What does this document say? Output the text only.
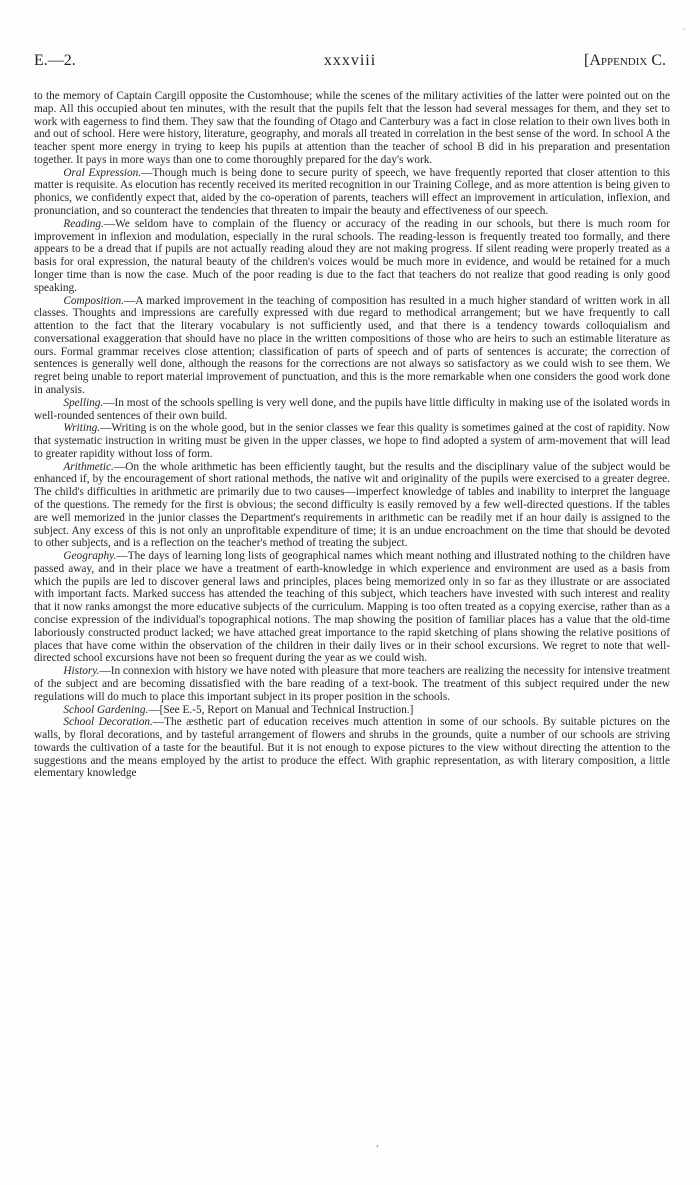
´
E.—2.	xxxviii	[Appendix C.

to the memory of Captain Cargill opposite the Customhouse; while the scenes of the military activities of the latter were pointed out on the map. All this occupied about ten minutes, with the result that the pupils felt that the lesson had several messages for them, and they set to work with eagerness to find them. They saw that the founding of Otago and Canterbury was a fact in close relation to their own lives both in and out of school. Here were history, literature, geography, and morals all treated in correlation in the best sense of the word. In school A the teacher spent more energy in trying to keep his pupils at attention than the teacher of school B did in his preparation and presentation together. It pays in more ways than one to come thoroughly prepared for the day's work.

Oral Expression.—Though much is being done to secure purity of speech, we have frequently reported that closer attention to this matter is requisite. As elocution has recently received its merited recognition in our Training College, and as more attention is being given to phonics, we confidently expect that, aided by the co-operation of parents, teachers will effect an improvement in articulation, inflexion, and pronunciation, and so counteract the tendencies that threaten to impair the beauty and effectiveness of our speech.

Reading.—We seldom have to complain of the fluency or accuracy of the reading in our schools, but there is much room for improvement in inflexion and modulation, especially in the rural schools. The reading-lesson is frequently treated too formally, and there appears to be a dread that if pupils are not actually reading aloud they are not making progress. If silent reading were properly treated as a basis for oral expression, the natural beauty of the children's voices would be much more in evidence, and would be retained for a much longer time than is now the case. Much of the poor reading is due to the fact that teachers do not realize that good reading is only good speaking.

Composition.—A marked improvement in the teaching of composition has resulted in a much higher standard of written work in all classes. Thoughts and impressions are carefully expressed with due regard to methodical arrangement; but we have frequently to call attention to the fact that the literary vocabulary is not sufficiently used, and that there is a tendency towards colloquialism and conversational exaggeration that should have no place in the written compositions of those who are heirs to such an estimable literature as ours. Formal grammar receives close attention; classification of parts of speech and of parts of sentences is accurate; the correction of sentences is generally well done, although the reasons for the corrections are not always so satisfactory as we could wish to see them. We regret being unable to report material improvement of punctuation, and this is the more remarkable when one considers the good work done in analysis.

Spelling.—In most of the schools spelling is very well done, and the pupils have little difficulty in making use of the isolated words in well-rounded sentences of their own build.

Writing.—Writing is on the whole good, but in the senior classes we fear this quality is sometimes gained at the cost of rapidity. Now that systematic instruction in writing must be given in the upper classes, we hope to find adopted a system of arm-movement that will lead to greater rapidity without loss of form.

Arithmetic.—On the whole arithmetic has been efficiently taught, but the results and the disciplinary value of the subject would be enhanced if, by the encouragement of short rational methods, the native wit and originality of the pupils were exercised to a greater degree. The child's difficulties in arithmetic are primarily due to two causes—imperfect knowledge of tables and inability to interpret the language of the questions. The remedy for the first is obvious; the second difficulty is easily removed by a few well-directed questions. If the tables are well memorized in the junior classes the Department's requirements in arithmetic can be readily met if an hour daily is assigned to the subject. Any excess of this is not only an unprofitable expenditure of time; it is an undue encroachment on the time that should be devoted to other subjects, and is a reflection on the teacher's method of treating the subject.

Geography.—The days of learning long lists of geographical names which meant nothing and illustrated nothing to the children have passed away, and in their place we have a treatment of earth-knowledge in which experience and environment are used as a basis from which the pupils are led to discover general laws and principles, places being memorized only in so far as they illustrate or are associated with important facts. Marked success has attended the teaching of this subject, which teachers have invested with such interest and reality that it now ranks amongst the more educative subjects of the curriculum. Mapping is too often treated as a copying exercise, rather than as a concise expression of the individual's topographical notions. The map showing the position of familiar places has a value that the old-time laboriously constructed product lacked; we have attached great importance to the rapid sketching of plans showing the relative positions of places that have come within the observation of the children in their daily lives or in their school excursions. We regret to note that well-directed school excursions have not been so frequent during the year as we could wish.

History.—In connexion with history we have noted with pleasure that more teachers are realizing the necessity for intensive treatment of the subject and are becoming dissatisfied with the bare reading of a text-book. The treatment of this subject required under the new regulations will do much to place this important subject in its proper position in the schools.

School Gardening.—[See E.-5, Report on Manual and Technical Instruction.]

School Decoration.—The æsthetic part of education receives much attention in some of our schools. By suitable pictures on the walls, by floral decorations, and by tasteful arrangement of flowers and shrubs in the grounds, quite a number of our schools are striving towards the cultivation of a taste for the beautiful. But it is not enough to expose pictures to the view without directing the attention to the suggestions and the means employed by the artist to produce the effect. With graphic representation, as with literary composition, a little elementary knowledge

,
